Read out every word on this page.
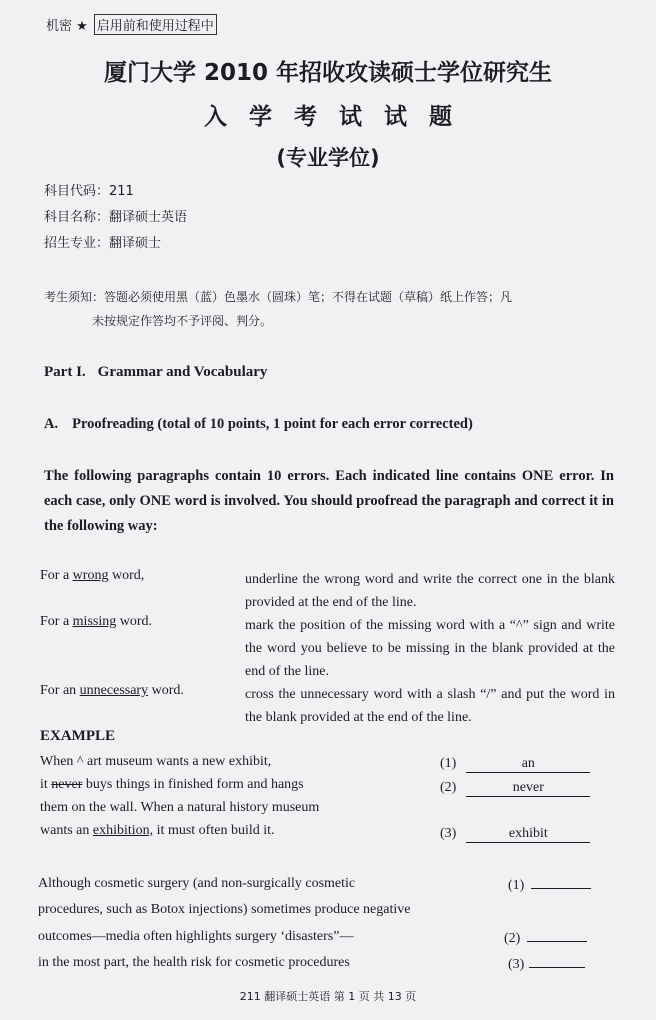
机密 ★ 启用前和使用过程中
厦门大学 2010 年招收攻读硕士学位研究生
入学考试试题
(专业学位)
科目代码：211
科目名称：翻译硕士英语
招生专业：翻译硕士
考生须知：答题必须使用黑（蓝）色墨水（圆珠）笔；不得在试题（草稿）纸上作答；凡
未按规定作答均不予评阅、判分。
Part I. Grammar and Vocabulary
A. Proofreading (total of 10 points, 1 point for each error corrected)
The following paragraphs contain 10 errors. Each indicated line contains ONE error. In each case, only ONE word is involved. You should proofread the paragraph and correct it in the following way:
For a wrong word,	underline the wrong word and write the correct one in the blank provided at the end of the line.
For a missing word.	mark the position of the missing word with a “^” sign and write the word you believe to be missing in the blank provided at the end of the line.
For an unnecessary word.	cross the unnecessary word with a slash “/” and put the word in the blank provided at the end of the line.
EXAMPLE
When ^ art museum wants a new exhibit,
it never buys things in finished form and hangs
them on the wall. When a natural history museum
wants an exhibition, it must often build it.
(1)	an
(2)	never
(3)	exhibit
Although cosmetic surgery (and non-surgically cosmetic
procedures, such as Botox injections) sometimes produce negative
outcomes—media often highlights surgery ‘disasters”—
in the most part, the health risk for cosmetic procedures
(1)
(2)
(3)
211 翻译硕士英语 第 1 页 共 13 页
